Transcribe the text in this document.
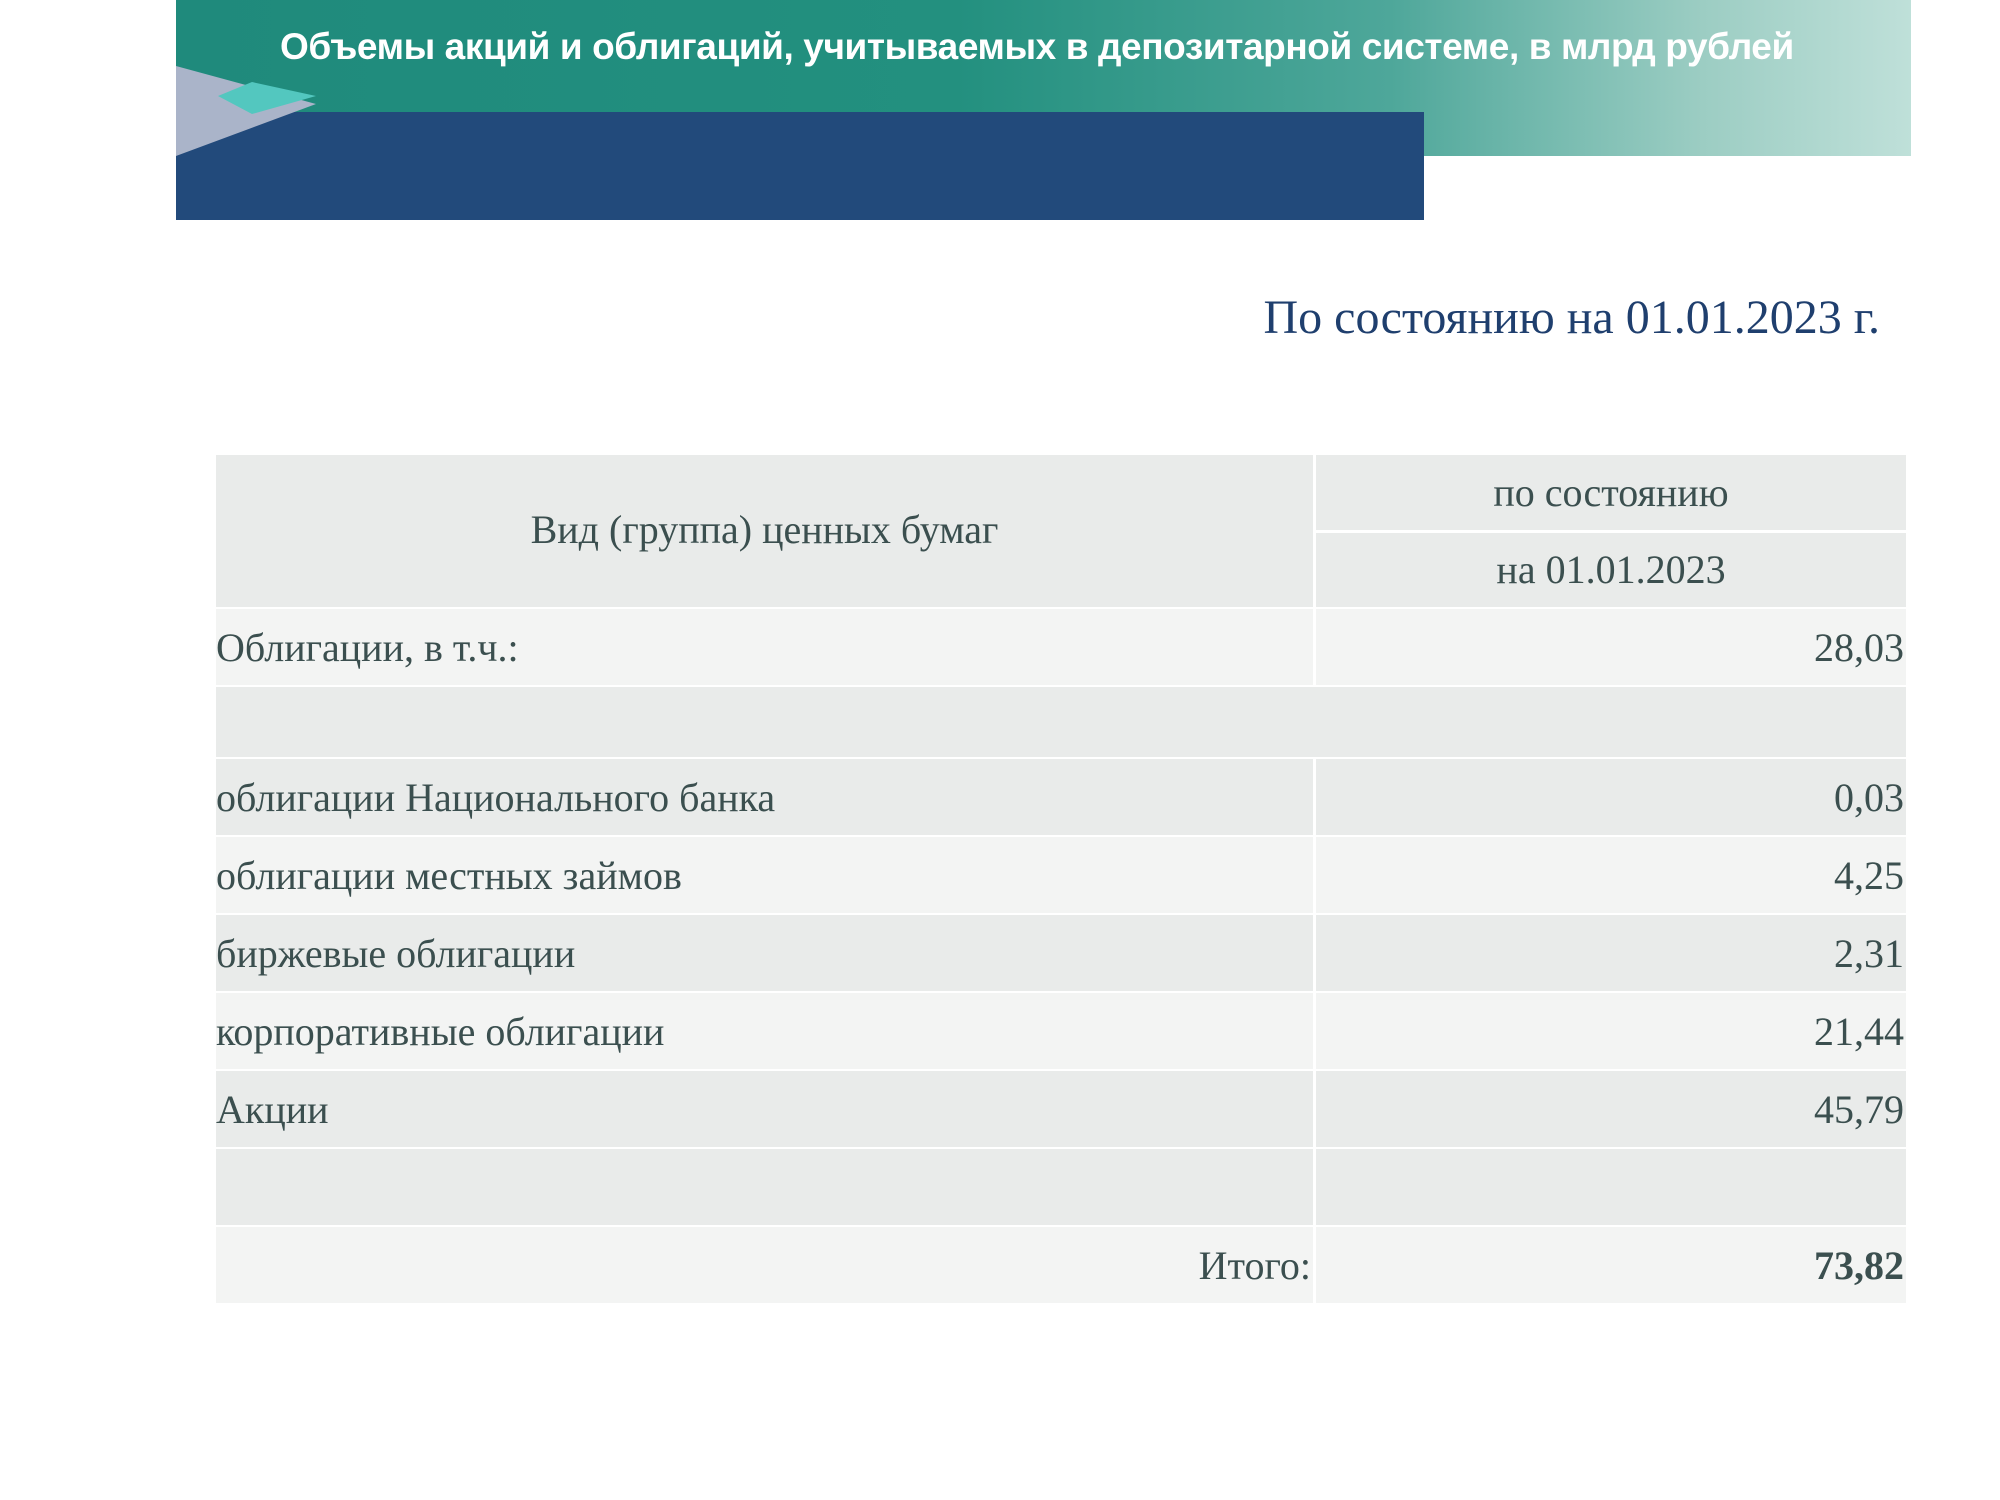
Объемы акций и облигаций, учитываемых в депозитарной системе, в млрд рублей
По состоянию на 01.01.2023 г.
Вид (группа) ценных бумаг
по состоянию
на 01.01.2023
Облигации, в т.ч.:	28,03
облигации Национального банка	0,03
облигации местных займов	4,25
биржевые облигации	2,31
корпоративные облигации	21,44
Акции	45,79
Итого:	73,82
